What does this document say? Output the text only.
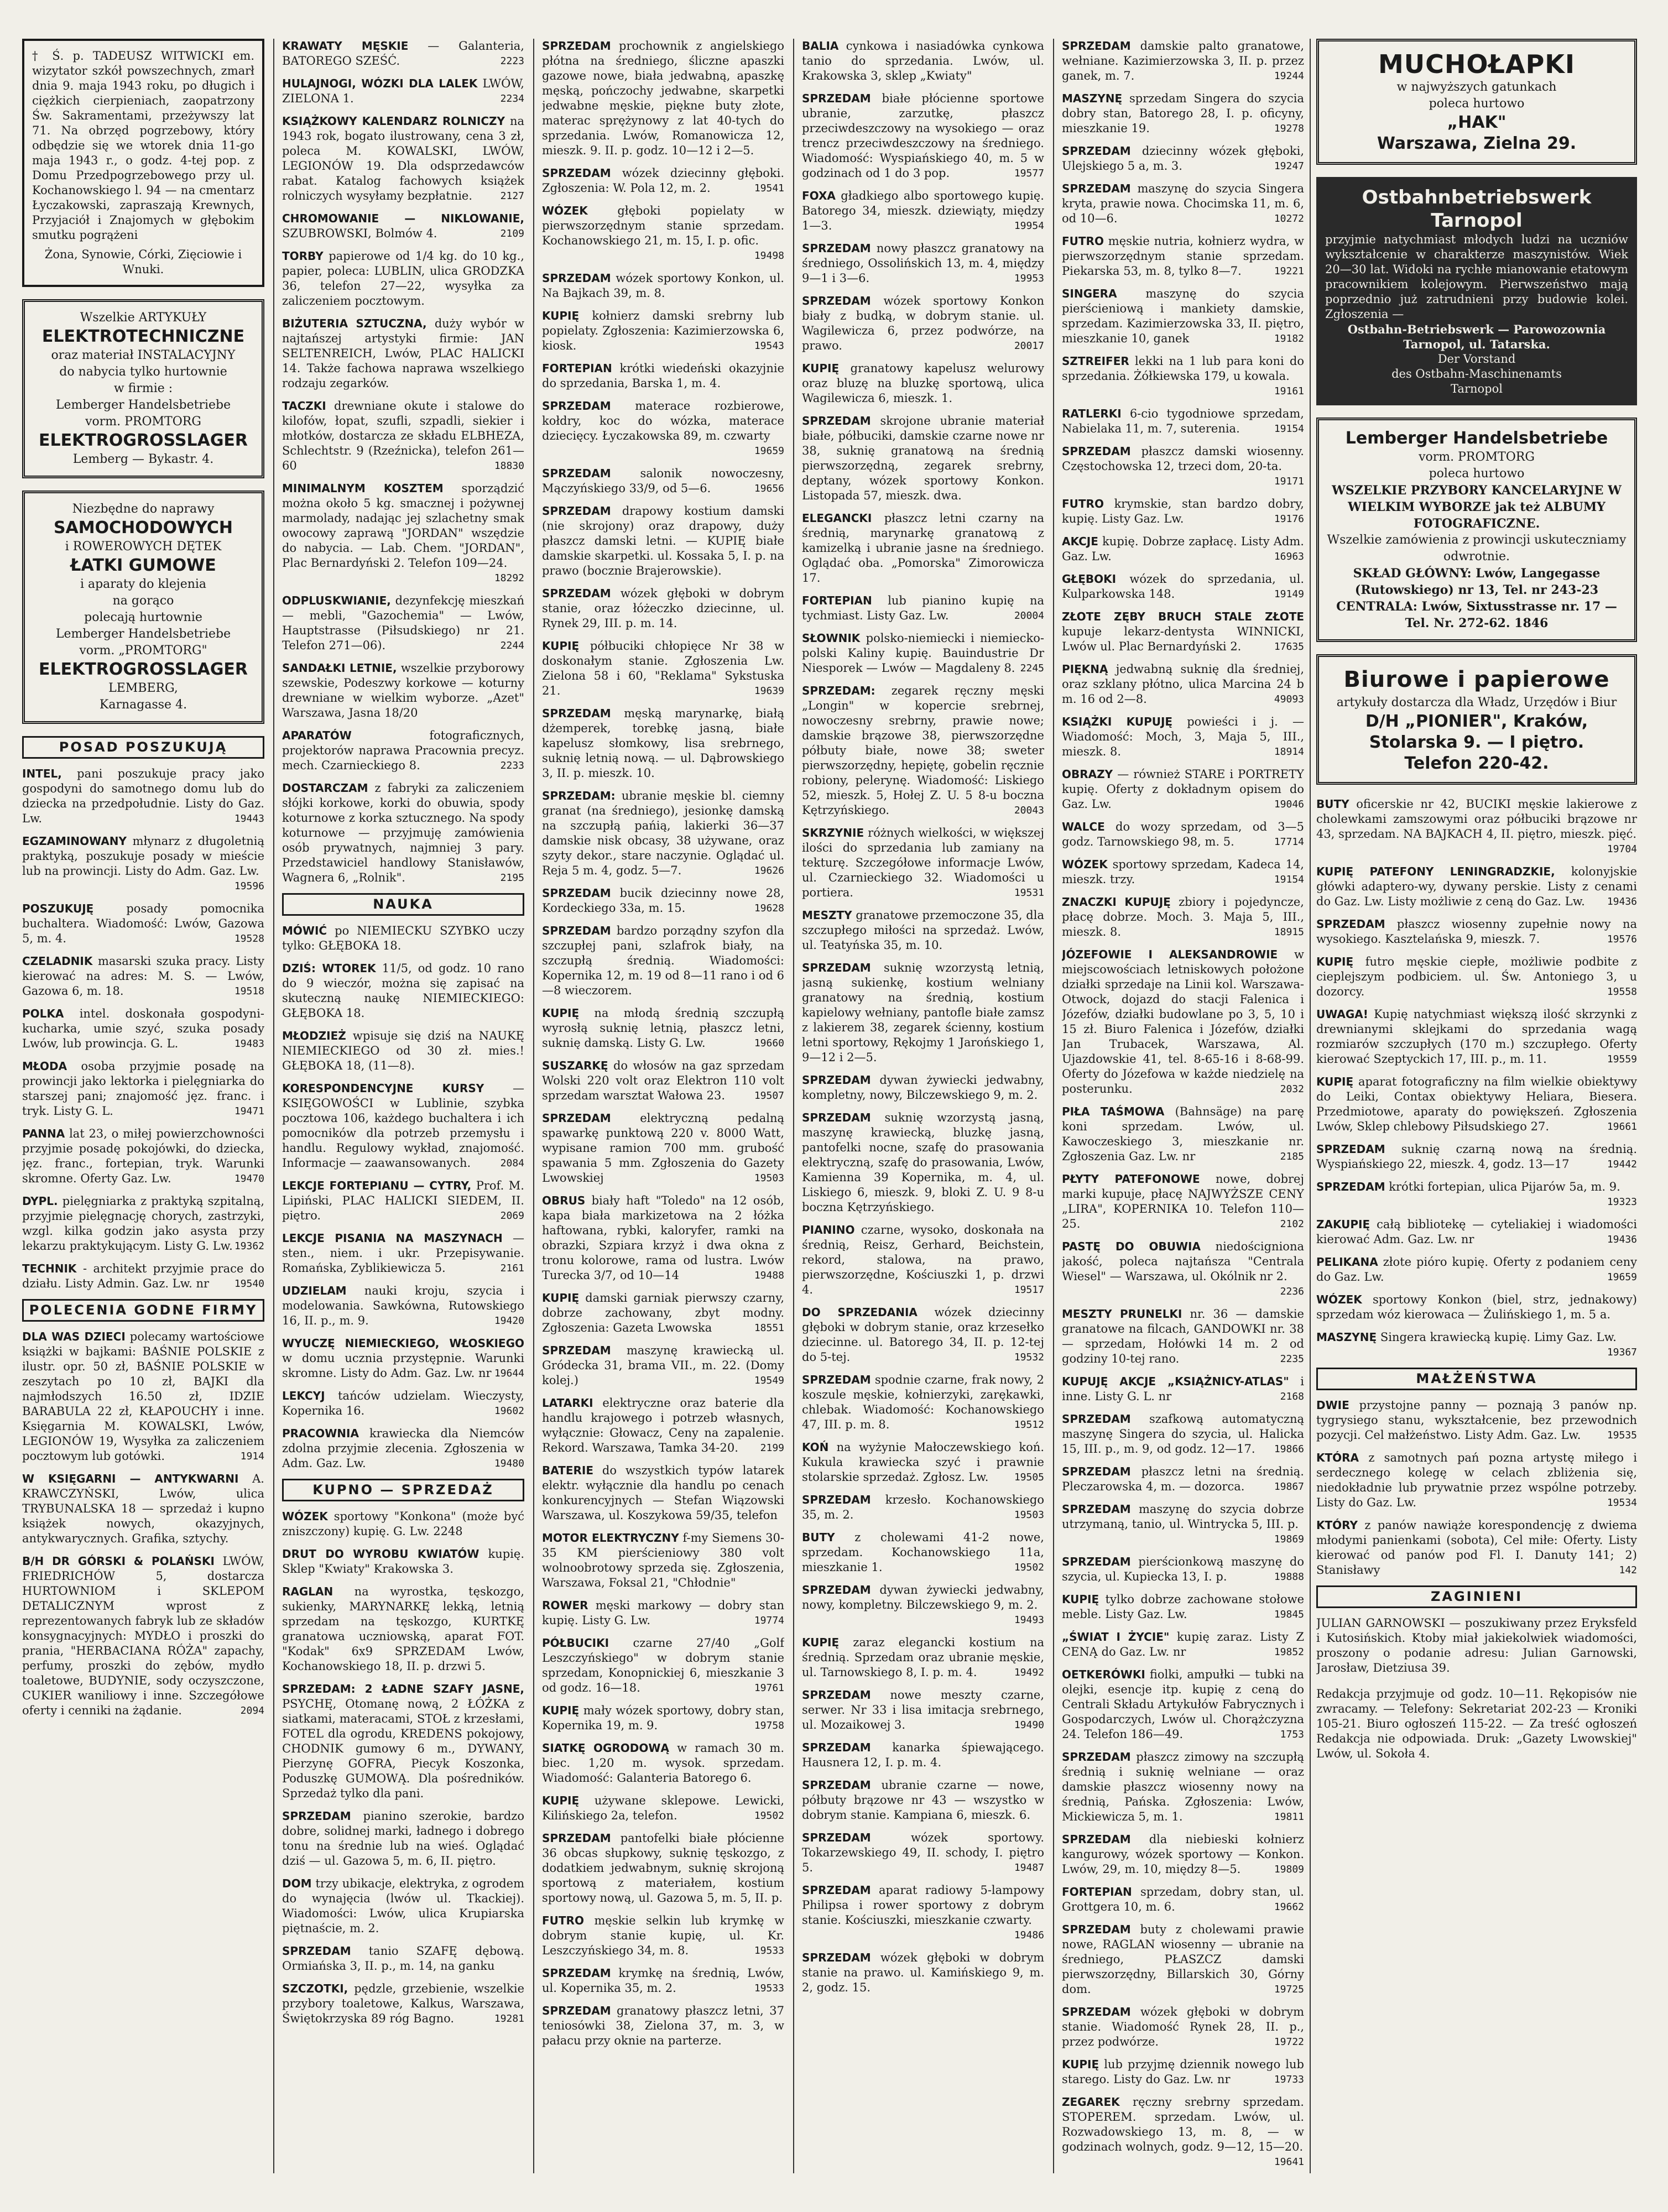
† Ś. p. TADEUSZ WITWICKI em. wizytator szkół powszechnych, zmarł dnia 9. maja 1943 roku, po długich i ciężkich cierpieniach, zaopatrzony Św. Sakramentami, przeżywszy lat 71. Na obrzęd pogrzebowy, który odbędzie się we wtorek dnia 11-go maja 1943 r., o godz. 4-tej pop. z Domu Przedpogrzebowego przy ul. Kochanowskiego l. 94 — na cmentarz Łyczakowski, zapraszają Krewnych, Przyjaciół i Znajomych w głębokim smutku pogrążeni
Żona, Synowie, Córki, Zięciowie i Wnuki.
Wszelkie ARTYKUŁY
ELEKTROTECHNICZNE
oraz materiał INSTALACYJNY
do nabycia tylko hurtownie
w firmie :
Lemberger Handelsbetriebe
vorm. PROMTORG
ELEKTROGROSSLAGER
Lemberg — Bykastr. 4.
Niezbędne do naprawy
SAMOCHODOWYCH
i ROWEROWYCH DĘTEK
ŁATKI GUMOWE
i aparaty do klejenia
na gorąco
polecają hurtownie
Lemberger Handelsbetriebe
vorm. „PROMTORG"
ELEKTROGROSSLAGER
LEMBERG,
Karnagasse 4.
POSAD POSZUKUJĄ
INTEL, pani poszukuje pracy jako gospodyni do samotnego domu lub do dziecka na przedpołudnie. Listy do Gaz. Lw.	19443
EGZAMINOWANY młynarz z długoletnią praktyką, poszukuje posady w mieście lub na prowincji. Listy do Adm. Gaz. Lw.
19596
POSZUKUJĘ	posady pomocnika buchaltera. Wiadomość: Lwów, Gazowa 5, m. 4.	19528
CZELADNIK masarski szuka pracy. Listy kierować na adres: M. S. — Lwów, Gazowa 6, m. 18.	19518
POLKA intel. doskonała gospodyni-kucharka, umie szyć, szuka posady Lwów, lub prowincja. G. L.	19483
MŁODA osoba przyjmie posadę na prowincji jako lektorka i pielęgniarka do starszej pani; znajomość jęz. franc. i tryk. Listy G. L.	19471
PANNA lat 23, o miłej powierzchowności przyjmie posadę pokojówki, do dziecka, jęz. franc., fortepian, tryk. Warunki skromne. Oferty Gaz. Lw.	19470
DYPL. pielęgniarka z praktyką szpitalną, przyjmie pielęgnację chorych, zastrzyki, wzgl. kilka godzin jako asysta przy lekarzu praktykującym. Listy G. Lw. 19362
TECHNIK - architekt przyjmie prace do działu. Listy Admin. Gaz. Lw. nr	19540
POLECENIA GODNE FIRMY
DLA WAS DZIECI polecamy wartościowe książki w bajkami: BAŚNIE POLSKIE z ilustr. opr. 50 zł, BAŚNIE POLSKIE w zeszytach po 10 zł, BAJKI dla najmłodszych 16.50 zł, IDZIE BARABULA 22 zł, KŁAPOUCHY i inne. Księgarnia M. KOWALSKI, Lwów, LEGIONÓW 19, Wysyłka za zaliczeniem pocztowym lub gotówki.	1914
W KSIĘGARNI — ANTYKWARNI A. KRAWCZYŃSKI, Lwów, ulica TRYBUNALSKA 18 — sprzedaż i kupno książek nowych, okazyjnych, antykwarycznych. Grafika, sztychy.
B/H DR GÓRSKI & POLAŃSKI LWÓW, FRIEDRICHÓW 5, dostarcza HURTOWNIOM i SKLEPOM DETALICZNYM wprost z reprezentowanych fabryk lub ze składów konsygnacyjnych: MYDŁO i proszki do prania, "HERBACIANA RÓŻA" zapachy, perfumy, proszki do zębów, mydło toaletowe, BUDYNIE, sody oczyszczone, CUKIER waniliowy i inne. Szczegółowe oferty i cenniki na żądanie.	2094
KRAWATY MĘSKIE — Galanteria, BATOREGO SZEŚĆ.	2223
HULAJNOGI, WÓZKI DLA LALEK LWÓW, ZIELONA 1.	2234
KSIĄŻKOWY KALENDARZ ROLNICZY na 1943 rok, bogato ilustrowany, cena 3 zł, poleca M. KOWALSKI, LWÓW, LEGIONÓW 19. Dla odsprzedawców rabat. Katalog fachowych książek rolniczych wysyłamy bezpłatnie.	2127
CHROMOWANIE — NIKLOWANIE, SZUBROWSKI, Bolmów 4.	2109
TORBY papierowe od 1/4 kg. do 10 kg., papier, poleca: LUBLIN, ulica GRODZKA 36, telefon 27—22, wysyłka za zaliczeniem pocztowym.
BIŻUTERIA SZTUCZNA, duży wybór w najtańszej artystyki firmie: JAN SELTENREICH, Lwów, PLAC HALICKI 14. Także fachowa naprawa wszelkiego rodzaju zegarków.
TACZKI drewniane okute i stalowe do kilofów, łopat, szufli, szpadli, siekier i młotków, dostarcza ze składu ELBHEZA, Schlechtstr. 9 (Rzeźnicka), telefon 261—60	18830
MINIMALNYM KOSZTEM sporządzić można około 5 kg. smacznej i pożywnej marmolady, nadając jej szlachetny smak owocowy zaprawą "JORDAN" wszędzie do nabycia. — Lab. Chem. "JORDAN", Plac Bernardyński 2. Telefon 109—24.
18292
ODPLUSKWIANIE, dezynfekcję mieszkań — mebli, "Gazochemia" — Lwów, Hauptstrasse (Piłsudskiego) nr 21. Telefon 271—06).	2244
SANDAŁKI LETNIE, wszelkie przyborowy szewskie, Podeszwy korkowe — koturny drewniane w wielkim wyborze. „Azet" Warszawa, Jasna 18/20
APARATÓW	fotograficznych, projektorów naprawa Pracownia precyz. mech. Czarnieckiego 8.	2233
DOSTARCZAM z fabryki za zaliczeniem słójki korkowe, korki do obuwia, spody koturnowe z korka sztucznego. Na spody koturnowe — przyjmuję zamówienia osób prywatnych, najmniej 3 pary. Przedstawiciel handlowy Stanisławów, Wagnera 6, „Rolnik".	2195
NAUKA
MÓWIĆ po NIEMIECKU SZYBKO uczy tylko: GŁĘBOKA 18.
DZIŚ: WTOREK 11/5, od godz. 10 rano do 9 wieczór, można się zapisać na skuteczną naukę NIEMIECKIEGO: GŁĘBOKA 18.
MŁODZIEŻ wpisuje się dziś na NAUKĘ NIEMIECKIEGO od 30 zł. mies.! GŁĘBOKA 18, (11—8).
KORESPONDENCYJNE KURSY — KSIĘGOWOŚCI w Lublinie, szybka pocztowa 106, każdego buchaltera i ich pomocników dla potrzeb przemysłu i handlu. Regulowy wykład, znajomość. Informacje — zaawansowanych.	2084
LEKCJE FORTEPIANU — CYTRY, Prof. M. Lipiński, PLAC HALICKI SIEDEM, II. piętro.	2069
LEKCJE PISANIA NA MASZYNACH — sten., niem. i ukr. Przepisywanie. Romańska, Zyblikiewicza 5.	2161
UDZIELAM nauki kroju, szycia i modelowania. Sawkówna, Rutowskiego 16, II. p., m. 9.	19420
WYUCZĘ NIEMIECKIEGO, WŁOSKIEGO w domu ucznia przystępnie. Warunki skromne. Listy do Adm. Gaz. Lw. nr 19644
LEKCYJ tańców udzielam. Wieczysty, Kopernika 16.	19602
PRACOWNIA krawiecka dla Niemców zdolna przyjmie zlecenia. Zgłoszenia w Adm. Gaz. Lw.	19480
KUPNO — SPRZEDAŻ
WÓZEK sportowy "Konkona" (może być zniszczony) kupię. G. Lw. 2248
DRUT DO WYROBU KWIATÓW kupię. Sklep "Kwiaty" Krakowska 3.
RAGLAN na wyrostka, tęskozgo, sukienky, MARYNARKĘ lekką, letnią sprzedam na tęskozgo, KURTKĘ granatowa uczniowską, aparat FOT. "Kodak" 6x9 SPRZEDAM Lwów, Kochanowskiego 18, II. p. drzwi 5.
SPRZEDAM: 2 ŁADNE SZAFY JASNE, PSYCHĘ, Otomanę nową, 2 ŁÓŻKA z siatkami, materacami, STOŁ z krzesłami, FOTEL dla ogrodu, KREDENS pokojowy, CHODNIK gumowy 6 m., DYWANY, Pierzynę GOFRA, Piecyk Koszonka, Poduszkę GUMOWĄ. Dla pośredników. Sprzedaż tylko dla pani.
SPRZEDAM pianino szerokie, bardzo dobre, solidnej marki, ładnego i dobrego tonu na średnie lub na wieś. Oglądać dziś — ul. Gazowa 5, m. 6, II. piętro.
DOM trzy ubikacje, elektryka, z ogrodem do wynajęcia (lwów ul. Tkackiej). Wiadomości: Lwów, ulica Krupiarska piętnaście, m. 2.
SPRZEDAM tanio SZAFĘ dębową. Ormiańska 3, II. p., m. 14, na ganku
SZCZOTKI, pędzle, grzebienie, wszelkie przybory toaletowe, Kalkus, Warszawa, Świętokrzyska 89 róg Bagno.	19281
SPRZEDAM prochownik z angielskiego płótna na średniego, śliczne apaszki gazowe nowe, biała jedwabną, apaszkę męską, pończochy jedwabne, skarpetki jedwabne męskie, piękne buty złote, materac sprężynowy z lat 40-tych do sprzedania. Lwów, Romanowicza 12, mieszk. 9. II. p. godz. 10—12 i 2—5.
SPRZEDAM wózek dziecinny głęboki. Zgłoszenia: W. Pola 12, m. 2.	19541
WÓZEK	głęboki popielaty w pierwszorzędnym stanie sprzedam. Kochanowskiego 21, m. 15, I. p. ofic.
19498
SPRZEDAM wózek sportowy Konkon, ul. Na Bajkach 39, m. 8.
KUPIĘ kołnierz damski srebrny lub popielaty. Zgłoszenia: Kazimierzowska 6, kiosk.	19543
FORTEPIAN krótki wiedeński okazyjnie do sprzedania, Barska 1, m. 4.
SPRZEDAM materace rozbierowe, kołdry, koc do wózka, materace dziecięcy. Łyczakowska 89, m. czwarty
19659
SPRZEDAM	salonik nowoczesny, Mączyńskiego 33/9, od 5—6.	19656
SPRZEDAM drapowy kostium damski (nie skrojony) oraz drapowy, duży płaszcz damski letni. — KUPIĘ białe damskie skarpetki. ul. Kossaka 5, I. p. na prawo (bocznie Brajerowskie).
SPRZEDAM wózek głęboki w dobrym stanie, oraz łóżeczko dziecinne, ul. Rynek 29, III. p. m. 14.
KUPIĘ półbuciki chłopięce Nr 38 w doskonałym stanie. Zgłoszenia Lw. Zielona 58 i 60, "Reklama" Sykstuska 21.	19639
SPRZEDAM męską marynarkę, białą dżemperek, torebkę jasną, białe kapelusz słomkowy, lisa srebrnego, suknię letnią nową. — ul. Dąbrowskiego 3, II. p. mieszk. 10.
SPRZEDAM: ubranie męskie bl. ciemny granat (na średniego), jesionkę damską na szczupłą pańią, lakierki 36—37 damskie nisk obcasy, 38 używane, oraz szyty dekor., stare naczynie. Oglądać ul. Reja 5 m. 4, godz. 5—7.	19626
SPRZEDAM bucik dziecinny nowe 28, Kordeckiego 33a, m. 15.	19628
SPRZEDAM bardzo porządny szyfon dla szczupłej pani, szlafrok biały, na szczupłą średnią. Wiadomości: Kopernika 12, m. 19 od 8—11 rano i od 6—8 wieczorem.
KUPIĘ na młodą średnią szczupłą wyrosłą suknię letnią, płaszcz letni, suknię damską. Listy G. Lw.	19660
SUSZARKĘ do włosów na gaz sprzedam Wolski 220 volt oraz Elektron 110 volt sprzedam warsztat Wałowa 23.	19507
SPRZEDAM	elektryczną pedalną spawarkę punktową 220 v. 8000 Watt, wypisane ramion 700 mm. grubość spawania 5 mm. Zgłoszenia do Gazety Lwowskiej	19503
OBRUS biały haft "Toledo" na 12 osób, kapa biała markizetowa na 2 łóżka haftowana, rybki, kaloryfer, ramki na obrazki, Szpiara krzyż i dwa okna z tronu kolorowe, rama od lustra. Lwów Turecka 3/7, od 10—14	19488
KUPIĘ damski garniak pierwszy czarny, dobrze zachowany, zbyt modny. Zgłoszenia: Gazeta Lwowska	18551
SPRZEDAM maszynę krawiecką ul. Gródecka 31, brama VII., m. 22. (Domy kolej.)	19549
LATARKI elektryczne oraz baterie dla handlu krajowego i potrzeb własnych, wyłącznie: Głowacz, Ceny na zapalenie. Rekord. Warszawa, Tamka 34-20. 2199
BATERIE do wszystkich typów latarek elektr. wyłącznie dla handlu po cenach konkurencyjnych — Stefan Wiązowski Warszawa, ul. Koszykowa 59/35, telefon
MOTOR ELEKTRYCZNY f-my Siemens 30-35 KM pierścieniowy 380 volt wolnoobrotowy sprzeda się. Zgłoszenia, Warszawa, Foksal 21, "Chłodnie"
ROWER męski markowy — dobry stan kupię. Listy G. Lw.	19774
PÓŁBUCIKI czarne 27/40 „Golf Leszczyńskiego" w dobrym stanie sprzedam, Konopnickiej 6, mieszkanie 3 od godz. 16—18.	19761
KUPIĘ mały wózek sportowy, dobry stan, Kopernika 19, m. 9.	19758
SIATKĘ OGRODOWĄ w ramach 30 m. biec. 1,20 m. wysok. sprzedam. Wiadomość: Galanteria Batorego 6.
KUPIĘ używane sklepowe. Lewicki, Kilińskiego 2a, telefon.	19502
SPRZEDAM pantofelki białe płócienne 36 obcas słupkowy, suknię tęskozgo, z dodatkiem jedwabnym, suknię skrojoną sportową z materiałem, kostium sportowy nową, ul. Gazowa 5, m. 5, II. p.
FUTRO męskie selkin lub krymkę w dobrym stanie kupię, ul. Kr. Leszczyńskiego 34, m. 8.	19533
SPRZEDAM krymkę na średnią, Lwów, ul. Kopernika 35, m. 2.	19533
SPRZEDAM granatowy płaszcz letni, 37 teniosówki 38, Zielona 37, m. 3, w pałacu przy oknie na parterze.
BALIA cynkowa i nasiadówka cynkowa tanio do sprzedania. Lwów, ul. Krakowska 3, sklep „Kwiaty"
SPRZEDAM białe płócienne sportowe ubranie, zarzutkę, płaszcz przeciwdeszczowy na wysokiego — oraz trencz przeciwdeszczowy na średniego. Wiadomość: Wyspiańskiego 40, m. 5 w godzinach od 1 do 3 pop.	19577
FOXA gładkiego albo sportowego kupię. Batorego 34, mieszk. dziewiąty, między 1—3.	19954
SPRZEDAM nowy płaszcz granatowy na średniego, Ossolińskich 13, m. 4, między 9—1 i 3—6.	19953
SPRZEDAM wózek sportowy Konkon biały z budką, w dobrym stanie. ul. Wagilewicza 6, przez podwórze, na prawo.	20017
KUPIĘ granatowy kapelusz welurowy oraz bluzę na bluzkę sportową, ulica Wagilewicza 6, mieszk. 1.
SPRZEDAM skrojone ubranie materiał białe, półbuciki, damskie czarne nowe nr 38, suknię granatową na średnią pierwszorzędną, zegarek srebrny, deptany, wózek sportowy Konkon. Listopada 57, mieszk. dwa.
ELEGANCKI płaszcz letni czarny na średnią, marynarkę granatową z kamizelką i ubranie jasne na średniego. Oglądać oba. „Pomorska" Zimorowicza 17.
FORTEPIAN lub pianino kupię na tychmiast. Listy Gaz. Lw.	20004
SŁOWNIK polsko-niemiecki i niemiecko-polski Kaliny kupię. Bauindustrie Dr Niesporek — Lwów — Magdaleny 8. 2245
SPRZEDAM: zegarek ręczny męski „Longin" w kopercie srebrnej, nowoczesny srebrny, prawie nowe; damskie brązowe 38, pierwszorzędne półbuty białe, nowe 38; sweter pierwszorzędny, hepiętę, gobelin ręcznie robiony, pelerynę. Wiadomość: Liskiego 52, mieszk. 5, Hołej Z. U. 5 8-u boczna Kętrzyńskiego.	20043
SKRZYNIE różnych wielkości, w większej ilości do sprzedania lub zamiany na tekturę. Szczegółowe informacje Lwów, ul. Czarnieckiego 32. Wiadomości u portiera.	19531
MESZTY granatowe przemoczone 35, dla szczupłego miłości na sprzedaż. Lwów, ul. Teatyńska 35, m. 10.
SPRZEDAM suknię wzorzystą letnią, jasną sukienkę, kostium welniany granatowy na średnią, kostium kapielowy wełniany, pantofle białe zamsz z lakierem 38, zegarek ścienny, kostium letni sportowy, Rękojmy 1 Jarońskiego 1, 9—12 i 2—5.
SPRZEDAM dywan żywiecki jedwabny, kompletny, nowy, Bilczewskiego 9, m. 2.
SPRZEDAM suknię wzorzystą jasną, maszynę krawiecką, bluzkę jasną, pantofelki nocne, szafę do prasowania elektryczną, szafę do prasowania, Lwów, Kamienna 39 Kopernika, m. 4, ul. Liskiego 6, mieszk. 9, bloki Z. U. 9 8-u boczna Kętrzyńskiego.
PIANINO czarne, wysoko, doskonała na średnią, Reisz, Gerhard, Beichstein, rekord, stalowa, na prawo, pierwszorzędne, Kościuszki 1, p. drzwi 4.	19517
DO SPRZEDANIA wózek dziecinny głęboki w dobrym stanie, oraz krzesełko dziecinne. ul. Batorego 34, II. p. 12-tej do 5-tej.	19532
SPRZEDAM spodnie czarne, frak nowy, 2 koszule męskie, kołnierzyki, zarękawki, chlebak. Wiadomość: Kochanowskiego 47, III. p. m. 8.	19512
KOŃ na wyżynie Małoczewskiego koń. Kukula krawiecka szyć i prawnie stolarskie sprzedaż. Zgłosz. Lw.	19505
SPRZEDAM krzesło. Kochanowskiego 35, m. 2.	19503
BUTY z cholewami 41-2 nowe, sprzedam. Kochanowskiego 11a, mieszkanie 1.	19502
SPRZEDAM dywan żywiecki jedwabny, nowy, kompletny. Bilczewskiego 9, m. 2.
19493
KUPIĘ zaraz elegancki kostium na średnią. Sprzedam oraz ubranie męskie, ul. Tarnowskiego 8, I. p. m. 4.	19492
SPRZEDAM nowe meszty czarne, serwer. Nr 33 i lisa imitacja srebrnego, ul. Mozaikowej 3.	19490
SPRZEDAM kanarka śpiewającego. Hausnera 12, I. p. m. 4.
SPRZEDAM ubranie czarne — nowe, półbuty brązowe nr 43 — wszystko w dobrym stanie. Kampiana 6, mieszk. 6.
SPRZEDAM	wózek sportowy. Tokarzewskiego 49, II. schody, I. piętro 5.	19487
SPRZEDAM aparat radiowy 5-lampowy Philipsa i rower sportowy z dobrym stanie. Kościuszki, mieszkanie czwarty.
19486
SPRZEDAM wózek głęboki w dobrym stanie na prawo. ul. Kamińskiego 9, m. 2, godz. 15.
SPRZEDAM damskie palto granatowe, wełniane. Kazimierzowska 3, II. p. przez ganek, m. 7.	19244
MASZYNĘ sprzedam Singera do szycia dobry stan, Batorego 28, I. p. oficyny, mieszkanie 19.	19278
SPRZEDAM dziecinny wózek głęboki, Ulejskiego 5 a, m. 3.	19247
SPRZEDAM maszynę do szycia Singera kryta, prawie nowa. Chocimska 11, m. 6, od 10—6.	10272
FUTRO męskie nutria, kołnierz wydra, w pierwszorzędnym stanie sprzedam. Piekarska 53, m. 8, tylko 8—7.	19221
SINGERA maszynę do szycia pierścieniową i mankiety damskie, sprzedam. Kazimierzowska 33, II. piętro, mieszkanie 10, ganek	19182
SZTREIFER lekki na 1 lub para koni do sprzedania. Żółkiewska 179, u kowala.
19161
RATLERKI 6-cio tygodniowe sprzedam, Nabielaka 11, m. 7, suterenia.	19154
SPRZEDAM płaszcz damski wiosenny. Częstochowska 12, trzeci dom, 20-ta.
19171
FUTRO krymskie, stan bardzo dobry, kupię. Listy Gaz. Lw.	19176
AKCJE kupię. Dobrze zapłacę. Listy Adm. Gaz. Lw.	16963
GŁĘBOKI wózek do sprzedania, ul. Kulparkowska 148.	19149
ZŁOTE ZĘBY BRUCH STALE ZŁOTE kupuje lekarz-dentysta WINNICKI, Lwów ul. Plac Bernardyński 2.	17635
PIĘKNĄ jedwabną suknię dla średniej, oraz szklany płótno, ulica Marcina 24 b m. 16 od 2—8.	49093
KSIĄŻKI KUPUJĘ powieści i j. — Wiadomość: Moch, 3, Maja 5, III., mieszk. 8.	18914
OBRAZY — również STARE i PORTRETY kupię. Oferty z dokładnym opisem do Gaz. Lw.	19046
WALCE do wozy sprzedam, od 3—5 godz. Tarnowskiego 98, m. 5.	17714
WÓZEK sportowy sprzedam, Kadeca 14, mieszk. trzy.	19154
ZNACZKI KUPUJĘ zbiory i pojedyncze, płacę dobrze. Moch. 3. Maja 5, III., mieszk. 8.	18915
JÓZEFOWIE I ALEKSANDROWIE w miejscowościach letniskowych położone działki sprzedaje na Linii kol. Warszawa-Otwock, dojazd do stacji Falenica i Józefów, działki budowlane po 3, 5, 10 i 15 zł. Biuro Falenica i Józefów, działki Jan Trubacek, Warszawa, Al. Ujazdowskie 41, tel. 8-65-16 i 8-68-99. Oferty do Józefowa w każde niedzielę na posterunku.	2032
PIŁA TAŚMOWA (Bahnsäge) na parę koni sprzedam. Lwów, ul. Kawoczeskiego 3, mieszkanie nr. Zgłoszenia Gaz. Lw. nr	2185
PŁYTY PATEFONOWE nowe, dobrej marki kupuje, płacę NAJWYŻSZE CENY „LIRA", KOPERNIKA 10. Telefon 110—25.	2102
PASTĘ DO OBUWIA niedościgniona jakość, poleca najtańsza "Centrala Wiesel" — Warszawa, ul. Okólnik nr 2.
2236
MESZTY PRUNELKI nr. 36 — damskie granatowe na filcach, GANDOWKI nr. 38 — sprzedam, Hołówki 14 m. 2 od godziny 10-tej rano.	2235
KUPUJĘ AKCJE „KSIĄŻNICY-ATLAS" i inne. Listy G. L. nr	2168
SPRZEDAM szafkową automatyczną maszynę Singera do szycia, ul. Halicka 15, III. p., m. 9, od godz. 12—17. 19866
SPRZEDAM płaszcz letni na średnią. Pleczarowska 4, m. — dozorca.	19867
SPRZEDAM maszynę do szycia dobrze utrzymaną, tanio, ul. Wintrycka 5, III. p.
19869
SPRZEDAM pierścionkową maszynę do szycia, ul. Kupiecka 13, I. p.	19888
KUPIĘ tylko dobrze zachowane stołowe meble. Listy Gaz. Lw.	19845
„ŚWIAT I ŻYCIE" kupię zaraz. Listy Z CENĄ do Gaz. Lw. nr	19852
OETKERÓWKI fiolki, ampułki — tubki na olejki, esencje itp. kupię z ceną do Centrali Składu Artykułów Fabrycznych i Gospodarczych, Lwów ul. Chorążczyzna 24. Telefon 186—49.	1753
SPRZEDAM płaszcz zimowy na szczupłą średnią i suknię welniane — oraz damskie płaszcz wiosenny nowy na średnią, Pańska. Zgłoszenia: Lwów, Mickiewicza 5, m. 1.	19811
SPRZEDAM dla niebieski kołnierz kangurowy, wózek sportowy — Konkon. Lwów, 29, m. 10, między 8—5.	19809
FORTEPIAN sprzedam, dobry stan, ul. Grottgera 10, m. 6.	19662
SPRZEDAM buty z cholewami prawie nowe, RAGLAN wiosenny — ubranie na średniego, PŁASZCZ damski pierwszorzędny, Billarskich 30, Górny dom.	19725
SPRZEDAM wózek głęboki w dobrym stanie. Wiadomość Rynek 28, II. p., przez podwórze.	19722
KUPIĘ lub przyjmę dziennik nowego lub starego. Listy do Gaz. Lw. nr	19733
ZEGAREK ręczny srebrny sprzedam. STOPEREM. sprzedam. Lwów, ul. Rozwadowskiego 13, m. 8, — w godzinach wolnych, godz. 9—12, 15—20.
19641
MUCHOŁAPKI
w najwyższych gatunkach
poleca hurtowo
„HAK"
Warszawa, Zielna 29.
Ostbahnbetriebswerk
Tarnopol
przyjmie natychmiast młodych ludzi na uczniów wykształcenie w charakterze maszynistów. Wiek 20—30 lat. Widoki na rychłe mianowanie etatowym pracownikiem kolejowym. Pierwszeństwo mają poprzednio już zatrudnieni przy budowie kolei. Zgłoszenia —
Ostbahn-Betriebswerk — Parowozownia Tarnopol, ul. Tatarska.
Der Vorstand
des Ostbahn-Maschinenamts
Tarnopol
Lemberger Handelsbetriebe
vorm. PROMTORG
poleca hurtowo
WSZELKIE PRZYBORY KANCELARYJNE W WIELKIM WYBORZE jak też ALBUMY FOTOGRAFICZNE.
Wszelkie zamówienia z prowincji uskuteczniamy odwrotnie.
SKŁAD GŁÓWNY: Lwów, Langegasse (Rutowskiego) nr 13, Tel. nr 243-23
CENTRALA: Lwów, Sixtusstrasse nr. 17 — Tel. Nr. 272-62. 1846
Biurowe i papierowe
artykuły dostarcza dla Władz, Urzędów i Biur
D/H „PIONIER", Kraków,
Stolarska 9. — I piętro.
Telefon 220-42.
BUTY oficerskie nr 42, BUCIKI męskie lakierowe z cholewkami zamszowymi oraz półbuciki brązowe nr 43, sprzedam. NA BAJKACH 4, II. piętro, mieszk. pięć.
19704
KUPIĘ PATEFONY LENINGRADZKIE, kolonyjskie główki adaptero-wy, dywany perskie. Listy z cenami do Gaz. Lw. Listy możliwie z ceną do Gaz. Lw. 19436
SPRZEDAM płaszcz wiosenny zupełnie nowy na wysokiego. Kasztelańska 9, mieszk. 7.	19576
KUPIĘ futro męskie ciepłe, możliwie podbite z cieplejszym podbiciem. ul. Św. Antoniego 3, u dozorcy.	19558
UWAGA! Kupię natychmiast większą ilość skrzynki z drewnianymi sklejkami do sprzedania wagą rozmiarów szczupłych (170 m.) szczupłego. Oferty kierować Szeptyckich 17, III. p., m. 11.	19559
KUPIĘ aparat fotograficzny na film wielkie obiektywy do Leiki, Contax obiektywy Heliara, Biesera. Przedmiotowe, aparaty do powiększeń. Zgłoszenia Lwów, Sklep chlebowy Piłsudskiego 27.	19661
SPRZEDAM suknię czarną nową na średnią. Wyspiańskiego 22, mieszk. 4, godz. 13—17	19442
SPRZEDAM krótki fortepian, ulica Pijarów 5a, m. 9.
19323
ZAKUPIĘ całą bibliotekę — cyteliakiej i wiadomości kierować Adm. Gaz. Lw. nr	19436
PELIKANA złote pióro kupię. Oferty z podaniem ceny do Gaz. Lw.	19659
WÓZEK sportowy Konkon (biel, strz, jednakowy) sprzedam wóz kierowaca — Żulińskiego 1, m. 5 a.
MASZYNĘ Singera krawiecką kupię. Limy Gaz. Lw.
19367
MAŁŻEŃSTWA
DWIE przystojne panny — poznają 3 panów np. tygrysiego stanu, wykształcenie, bez przewodnich pozycji. Cel małżeństwo. Listy Adm. Gaz. Lw.	19535
KTÓRA z samotnych pań pozna artystę miłego i serdecznego kolegę w celach zbliżenia się, niedokładnie lub prywatnie przez wspólne potrzeby. Listy do Gaz. Lw.	19534
KTÓRY z panów nawiąże korespondencję z dwiema młodymi panienkami (sobota), Cel miłe: Oferty. Listy kierować od panów pod Fl. I. Danuty 141; 2) Stanisławy	142
ZAGINIENI
JULIAN GARNOWSKI — poszukiwany przez Eryksfeld i Kutosińskich. Ktoby miał jakiekolwiek wiadomości, proszony o podanie adresu: Julian Garnowski, Jarosław, Dietziusa 39.
Redakcja przyjmuje od godz. 10—11. Rękopisów nie zwracamy. — Telefony: Sekretariat 202-23 — Kroniki 105-21. Biuro ogłoszeń 115-22. — Za treść ogłoszeń Redakcja nie odpowiada. Druk: „Gazety Lwowskiej" Lwów, ul. Sokoła 4.
